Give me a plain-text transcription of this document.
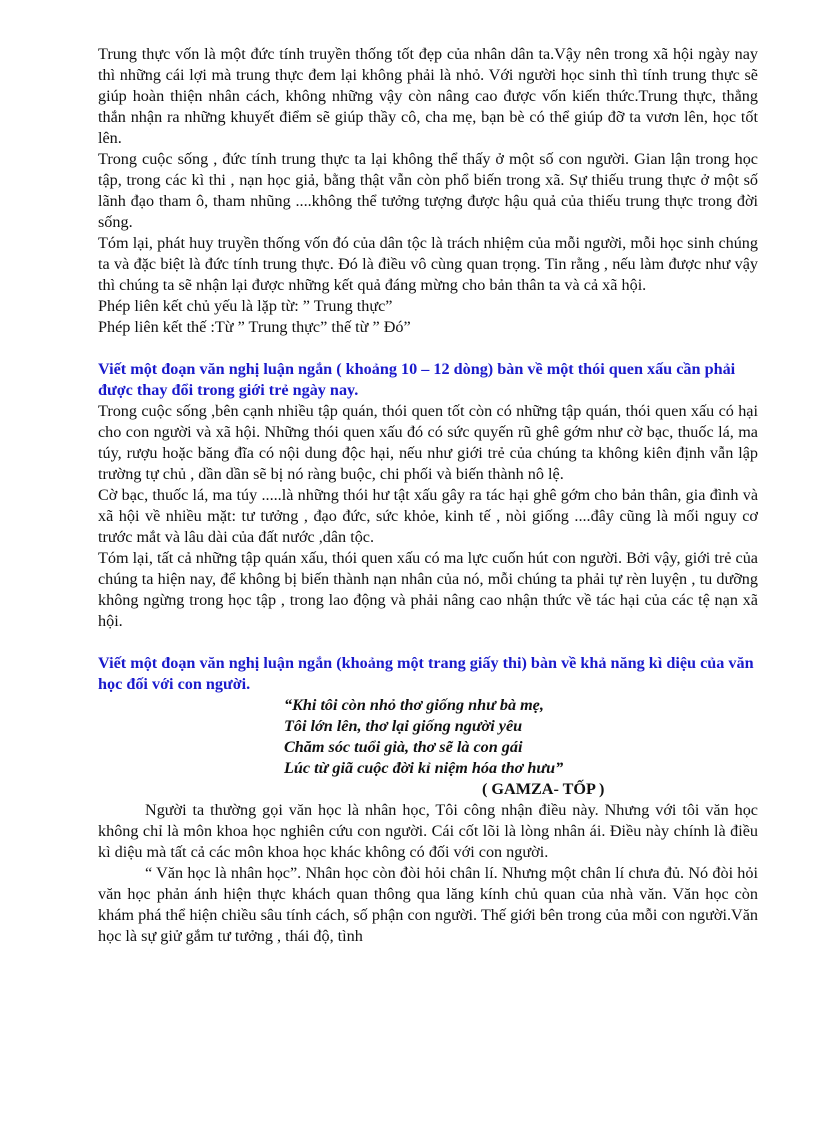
Trung thực vốn là một đức tính truyền thống tốt đẹp của nhân dân ta.Vậy nên trong xã hội ngày nay thì những cái lợi mà trung thực đem lại không phải là nhỏ. Với người học sinh thì tính trung thực sẽ giúp hoàn thiện nhân cách, không những vậy còn nâng cao được vốn kiến thức.Trung thực, thẳng thắn nhận ra những khuyết điểm sẽ giúp thầy cô, cha mẹ, bạn bè có thể giúp đỡ ta vươn lên, học tốt lên.

Trong cuộc sống , đức tính trung thực ta lại không thể thấy ở một số con người. Gian lận trong học tập, trong các kì thi , nạn học giả, bằng thật vẫn còn phổ biến trong xã. Sự thiếu trung thực ở một số lãnh đạo tham ô, tham nhũng ....không thể tưởng tượng được hậu quả của thiếu trung thực trong đời sống.

Tóm lại, phát huy truyền thống vốn đó của dân tộc là trách nhiệm của mỗi người, mỗi học sinh chúng ta và đặc biệt là đức tính trung thực. Đó là điều vô cùng quan trọng. Tin rằng , nếu làm được như vậy thì chúng ta sẽ nhận lại được những kết quả đáng mừng cho bản thân ta và cả xã hội.

Phép liên kết chủ yếu là lặp từ: ” Trung thực”

Phép liên kết thế :Từ ” Trung thực” thế từ ” Đó”

Viết một đoạn văn nghị luận ngắn ( khoảng 10 – 12 dòng) bàn về một thói quen xấu cần phải được thay đổi trong giới trẻ ngày nay.

Trong cuộc sống ,bên cạnh nhiều tập quán, thói quen tốt còn có những tập quán, thói quen xấu có hại cho con người và xã hội. Những thói quen xấu đó có sức quyến rũ ghê gớm như cờ bạc, thuốc lá, ma túy, rượu hoặc băng đĩa có nội dung độc hại, nếu như giới trẻ của chúng ta không kiên định vẫn lập trường tự chủ , dần dần sẽ bị nó ràng buộc, chi phối và biến thành nô lệ.

Cờ bạc, thuốc lá, ma túy .....là những thói hư tật xấu gây ra tác hại ghê gớm cho bản thân, gia đình và xã hội về nhiều mặt: tư tưởng , đạo đức, sức khỏe, kinh tế , nòi giống ....đây cũng là mối nguy cơ trước mắt và lâu dài của đất nước ,dân tộc.

Tóm lại, tất cả những tập quán xấu, thói quen xấu có ma lực cuốn hút con người. Bởi vậy, giới trẻ của chúng ta hiện nay, để không bị biến thành nạn nhân của nó, mỗi chúng ta phải tự rèn luyện , tu dưỡng không ngừng trong học tập , trong lao động và phải nâng cao nhận thức về tác hại của các tệ nạn xã hội.

Viết một đoạn văn nghị luận ngắn (khoảng một trang giấy thi) bàn về khả năng kì diệu của văn học đối với con người.

“Khi tôi còn nhỏ thơ giống như bà mẹ,

Tôi lớn lên, thơ lại giống người yêu

Chăm sóc tuổi già, thơ sẽ là con gái

Lúc từ giã cuộc đời kỉ niệm hóa thơ hưu”

( GAMZA- TỐP )

Người ta thường gọi văn học là nhân học, Tôi công nhận điều này. Nhưng với tôi văn học không chỉ là môn khoa học nghiên cứu con người. Cái cốt lõi là lòng nhân ái. Điều này chính là điều kì diệu mà tất cả các môn khoa học khác không có đối với con người.

“ Văn học là nhân học”. Nhân học còn đòi hỏi chân lí. Nhưng một chân lí chưa đủ. Nó đòi hỏi văn học phản ánh hiện thực khách quan thông qua lăng kính chủ quan của nhà văn. Văn học còn khám phá thể hiện chiều sâu tính cách, số phận con người. Thế giới bên trong của mỗi con người.Văn học là sự giử gắm tư tưởng , thái độ, tình
